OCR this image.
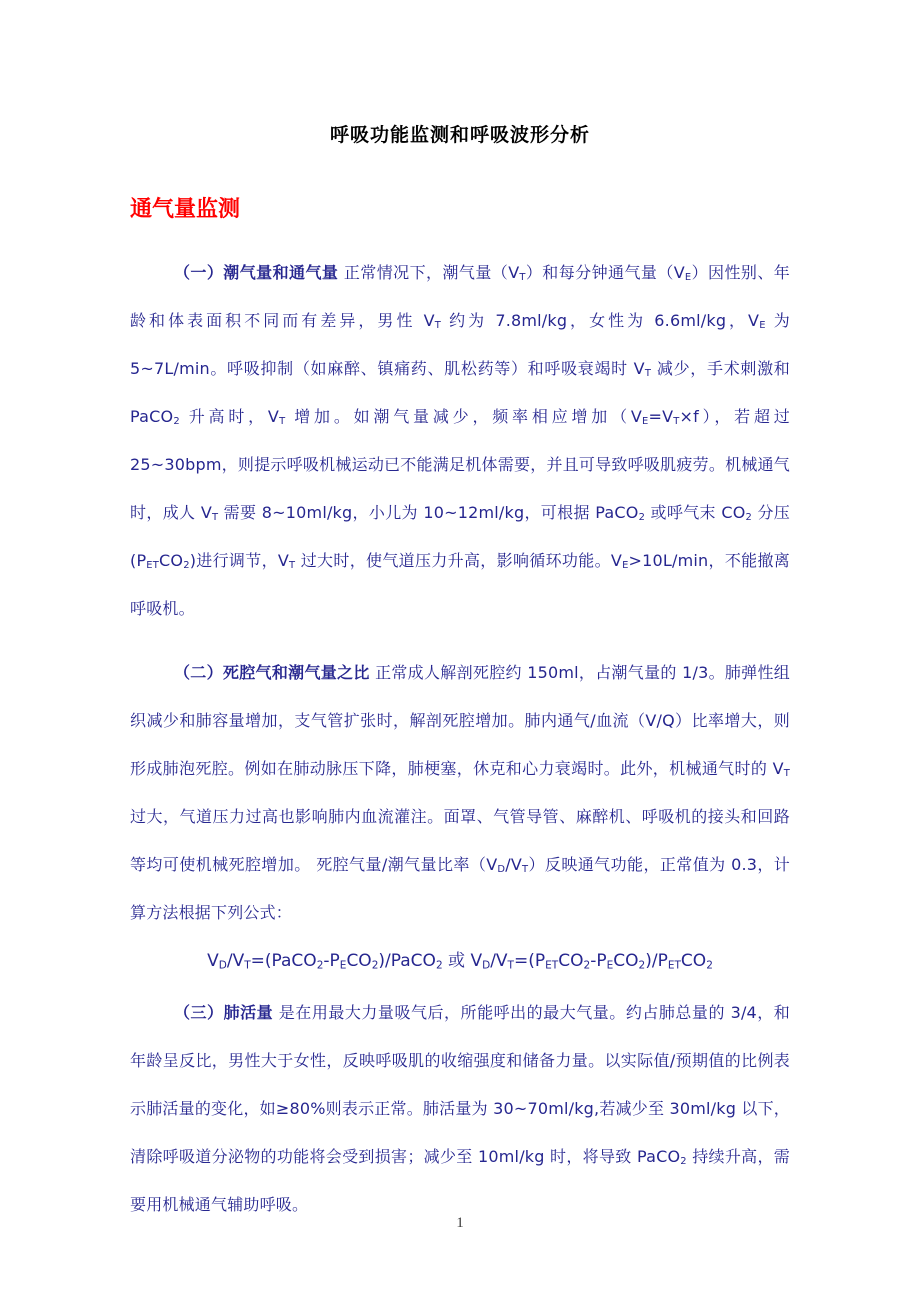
呼吸功能监测和呼吸波形分析
通气量监测

（一）潮气量和通气量 正常情况下，潮气量$(V_T)$和每分钟通气量$(V_E)$因性别、年龄和体表面积不同而有差异，男性 $V_T$ 约为 7.8ml/kg，女性为 6.6ml/kg，$V_E$ 为 5~7L/min。呼吸抑制（如麻醉、镇痛药、肌松药等）和呼吸衰竭时 $V_T$ 减少，手术刺激和 PaCO$_2$ 升高时，$V_T$ 增加。如潮气量减少，频率相应增加$(V_E=V_T\times f)$，若超过 25~30bpm，则提示呼吸机械运动已不能满足机体需要，并且可导致呼吸肌疲劳。机械通气时，成人 $V_T$ 需要 8~10ml/kg，小儿为 10~12ml/kg，可根据 PaCO$_2$ 或呼气末 $CO_2$ 分压$(P_{ET}CO_2)$进行调节，$V_T$ 过大时，使气道压力升高，影响循环功能。$V_E>10L/\min$，不能撤离呼吸机。

（二）死腔气和潮气量之比 正常成人解剖死腔约 150ml，占潮气量的 1/3。肺弹性组织减少和肺容量增加，支气管扩张时，解剖死腔增加。肺内通气/血流（V/Q）比率增大，则形成肺泡死腔。例如在肺动脉压下降，肺梗塞，休克和心力衰竭时。此外，机械通气时的 $V_T$ 过大，气道压力过高也影响肺内血流灌注。面罩、气管导管、麻醉机、呼吸机的接头和回路等均可使机械死腔增加。 死腔气量/潮气量比率$(V_D/V_T)$反映通气功能，正常值为 0.3，计算方法根据下列公式：

$V_D/V_T=(PaCO_2-P_ECO_2)/PaCO_2$ 或 $V_D/V_T=(P_{ET}CO_2-P_ECO_2)/P_{ET}CO_2$

（三）肺活量 是在用最大力量吸气后，所能呼出的最大气量。约占肺总量的 3/4，和年龄呈反比，男性大于女性，反映呼吸肌的收缩强度和储备力量。以实际值/预期值的比例表示肺活量的变化，如≥80%则表示正常。肺活量为 30~70ml/kg,若减少至 30ml/kg 以下，清除呼吸道分泌物的功能将会受到损害；减少至 10ml/kg 时，将导致 PaCO$_2$ 持续升高，需要用机械通气辅助呼吸。

1
